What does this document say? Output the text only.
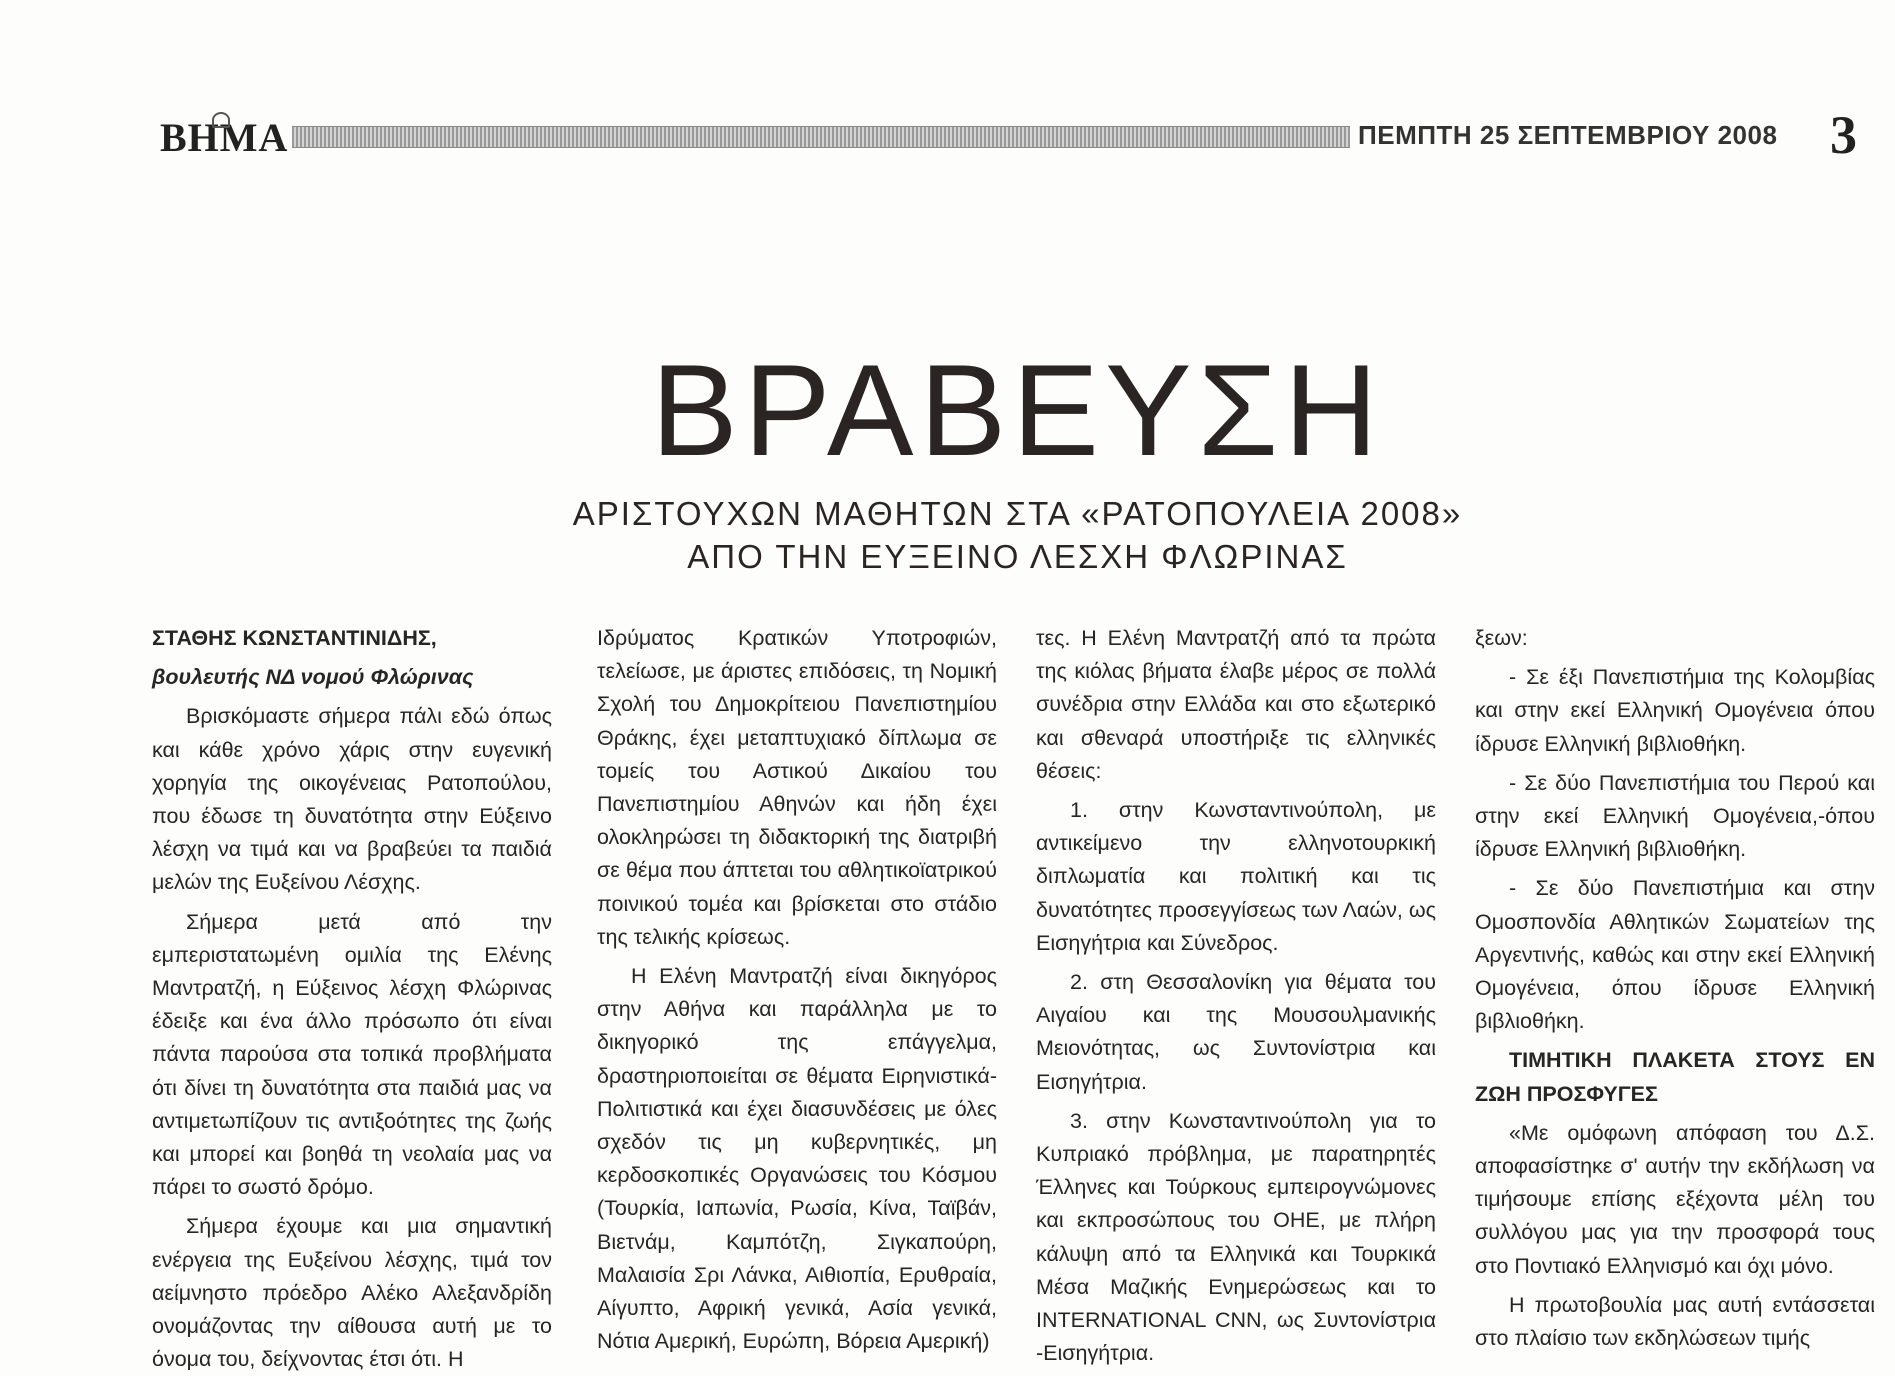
ΒΗΜΑ	ΠΕΜΠΤΗ 25 ΣΕΠΤΕΜΒΡΙΟΥ 2008 3
ΒΡΑΒΕΥΣΗ
ΑΡΙΣΤΟΥΧΩΝ ΜΑΘΗΤΩΝ ΣΤΑ «ΡΑΤΟΠΟΥΛΕΙΑ 2008»
ΑΠΟ ΤΗΝ ΕΥΞΕΙΝΟ ΛΕΣΧΗ ΦΛΩΡΙΝΑΣ

ΣΤΑΘΗΣ ΚΩΝΣΤΑΝΤΙΝΙΔΗΣ,

βουλευτής ΝΔ νομού Φλώρινας

Βρισκόμαστε σήμερα πάλι εδώ όπως και κάθε χρόνο χάρις στην ευγενική χορηγία της οικογένειας Ρατοπούλου, που έδωσε τη δυνατότητα στην Εύξεινο λέσχη να τιμά και να βραβεύει τα παιδιά μελών της Ευξείνου Λέσχης.

Σήμερα μετά από την εμπεριστατωμένη ομιλία της Ελένης Μαντρατζή, η Εύξεινος λέσχη Φλώρινας έδειξε και ένα άλλο πρόσωπο ότι είναι πάντα παρούσα στα τοπικά προβλήματα ότι δίνει τη δυνατότητα στα παιδιά μας να αντιμετωπίζουν τις αντιξοότητες της ζωής και μπορεί και βοηθά τη νεολαία μας να πάρει το σωστό δρόμο.

Σήμερα έχουμε και μια σημαντική ενέργεια της Ευξείνου λέσχης, τιμά τον αείμνηστο πρόεδρο Αλέκο Αλεξανδρίδη ονομάζοντας την αίθουσα αυτή με το όνομα του, δείχνοντας έτσι ότι. Η

Ιδρύματος Κρατικών Υποτροφιών, τελείωσε, με άριστες επιδόσεις, τη Νομική Σχολή του Δημοκρίτειου Πανεπιστημίου Θράκης, έχει μεταπτυχιακό δίπλωμα σε τομείς του Αστικού Δικαίου του Πανεπιστημίου Αθηνών και ήδη έχει ολοκληρώσει τη διδακτορική της διατριβή σε θέμα που άπτεται του αθλητικοϊατρικού ποινικού τομέα και βρίσκεται στο στάδιο της τελικής κρίσεως.

Η Ελένη Μαντρατζή είναι δικηγόρος στην Αθήνα και παράλληλα με το δικηγορικό της επάγγελμα, δραστηριοποιείται σε θέματα Ειρηνιστικά-Πολιτιστικά και έχει διασυνδέσεις με όλες σχεδόν τις μη κυβερνητικές, μη κερδοσκοπικές Οργανώσεις του Κόσμου (Τουρκία, Ιαπωνία, Ρωσία, Κίνα, Ταϊβάν, Βιετνάμ, Καμπότζη, Σιγκαπούρη, Μαλαισία Σρι Λάνκα, Αιθιοπία, Ερυθραία, Αίγυπτο, Αφρική γενικά, Ασία γενικά, Νότια Αμερική, Ευρώπη, Βόρεια Αμερική)

τες. Η Ελένη Μαντρατζή από τα πρώτα της κιόλας βήματα έλαβε μέρος σε πολλά συνέδρια στην Ελλάδα και στο εξωτερικό και σθεναρά υποστήριξε τις ελληνικές θέσεις:

1. στην Κωνσταντινούπολη, με αντικείμενο την ελληνοτουρκική διπλωματία και πολιτική και τις δυνατότητες προσεγγίσεως των Λαών, ως Εισηγήτρια και Σύνεδρος.

2. στη Θεσσαλονίκη για θέματα του Αιγαίου και της Μουσουλμανικής Μειονότητας, ως Συντονίστρια και Εισηγήτρια.

3. στην Κωνσταντινούπολη για το Κυπριακό πρόβλημα, με παρατηρητές Έλληνες και Τούρκους εμπειρογνώμονες και εκπροσώπους του ΟΗΕ, με πλήρη κάλυψη από τα Ελληνικά και Τουρκικά Μέσα Μαζικής Ενημερώσεως και το INTERNATIONAL CNN, ως Συντονίστρια -Εισηγήτρια.

ξεων:

- Σε έξι Πανεπιστήμια της Κολομβίας και στην εκεί Ελληνική Ομογένεια όπου ίδρυσε Ελληνική βιβλιοθήκη.

- Σε δύο Πανεπιστήμια του Περού και στην εκεί Ελληνική Ομογένεια,-όπου ίδρυσε Ελληνική βιβλιοθήκη.

- Σε δύο Πανεπιστήμια και στην Ομοσπονδία Αθλητικών Σωματείων της Αργεντινής, καθώς και στην εκεί Ελληνική Ομογένεια, όπου ίδρυσε Ελληνική βιβλιοθήκη.

ΤΙΜΗΤΙΚΗ ΠΛΑΚΕΤΑ ΣΤΟΥΣ ΕΝ ΖΩΗ ΠΡΟΣΦΥΓΕΣ

«Με ομόφωνη απόφαση του Δ.Σ. αποφασίστηκε σ' αυτήν την εκδήλωση να τιμήσουμε επίσης εξέχοντα μέλη του συλλόγου μας για την προσφορά τους στο Ποντιακό Ελληνισμό και όχι μόνο.

Η πρωτοβουλία μας αυτή εντάσσεται στο πλαίσιο των εκδηλώσεων τιμής
